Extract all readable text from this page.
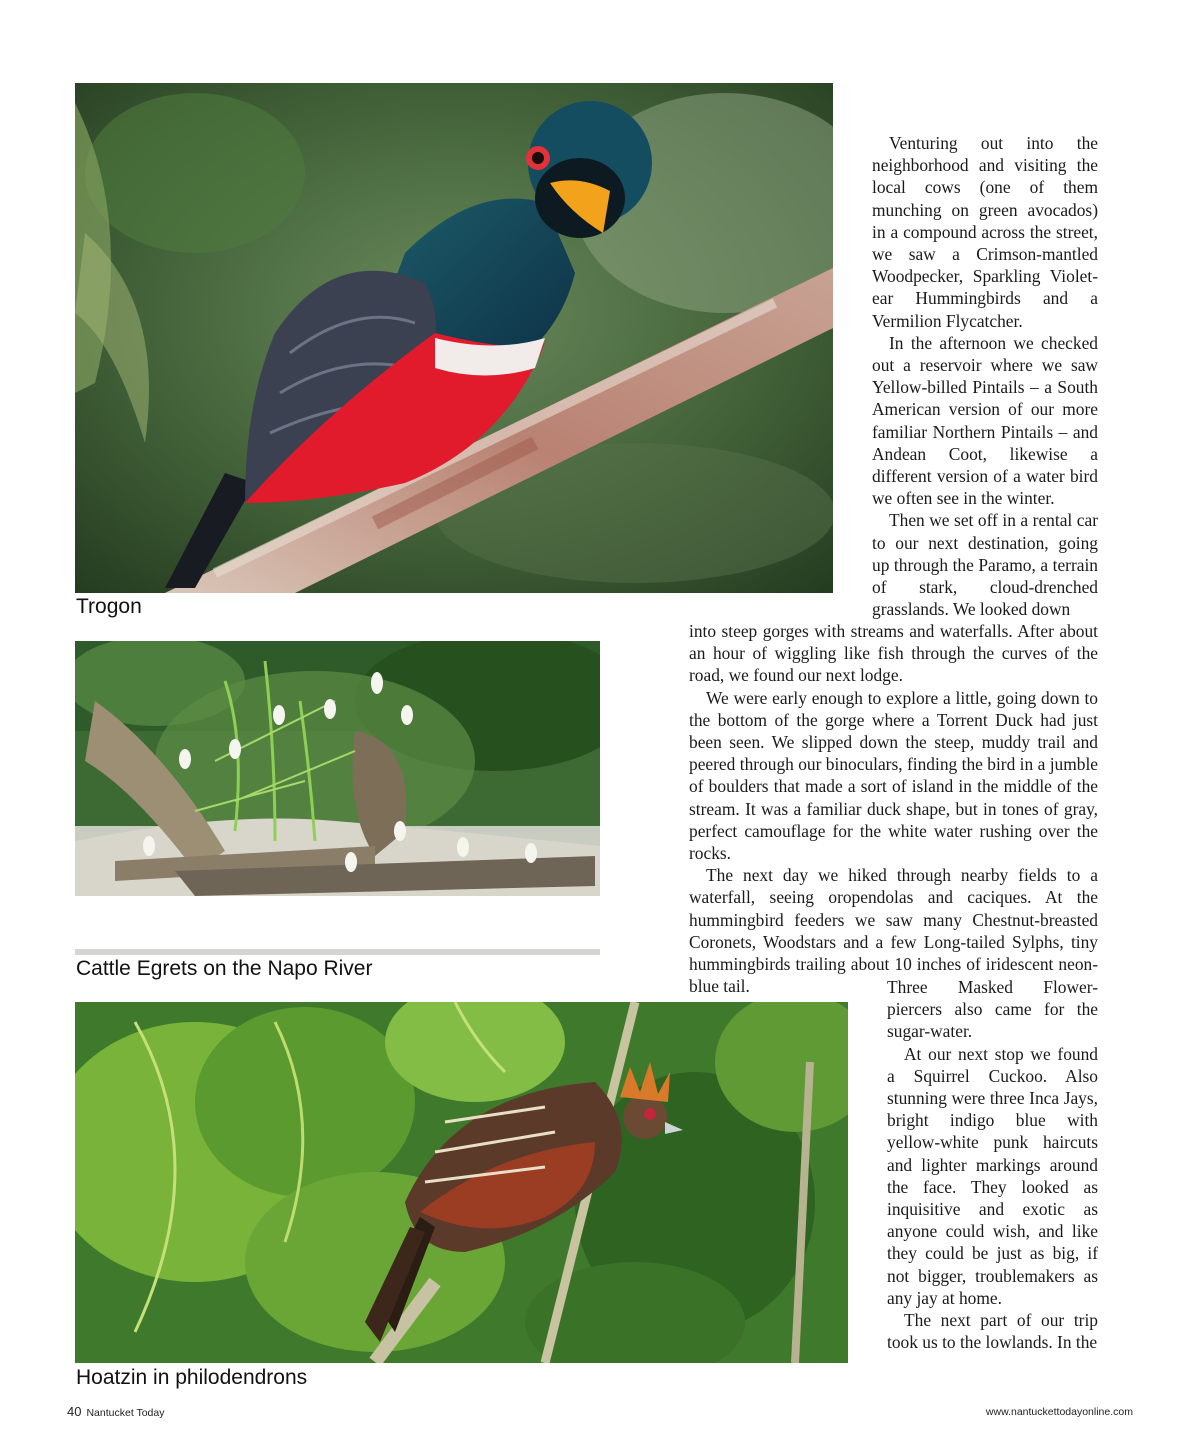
Trogon
Cattle Egrets on the Napo River
Hoatzin in philodendrons

Venturing out into the neighborhood and visiting the local cows (one of them munching on green avocados) in a compound across the street, we saw a Crimson-mantled Woodpecker, Sparkling Violet-ear Hummingbirds and a Vermilion Flycatcher.

In the afternoon we checked out a reservoir where we saw Yellow-billed Pintails – a South American version of our more familiar Northern Pintails – and Andean Coot, likewise a different version of a water bird we often see in the winter.

Then we set off in a rental car to our next destination, going up through the Paramo, a terrain of stark, cloud-drenched grasslands. We looked down

into steep gorges with streams and waterfalls. After about an hour of wiggling like fish through the curves of the road, we found our next lodge.

We were early enough to explore a little, going down to the bottom of the gorge where a Torrent Duck had just been seen. We slipped down the steep, muddy trail and peered through our binoculars, finding the bird in a jumble of boulders that made a sort of island in the middle of the stream. It was a familiar duck shape, but in tones of gray, perfect camouflage for the white water rushing over the rocks.

The next day we hiked through nearby fields to a waterfall, seeing oropendolas and caciques. At the hummingbird feeders we saw many Chestnut-breasted Coronets, Woodstars and a few Long-tailed Sylphs, tiny hummingbirds trailing about 10 inches of iridescent neon-blue tail.	Three Masked Flower-piercers also came for the sugar-water.

At our next stop we found a Squirrel Cuckoo. Also stunning were three Inca Jays, bright indigo blue with yellow-white punk haircuts and lighter markings around the face. They looked as inquisitive and exotic as anyone could wish, and like they could be just as big, if not bigger, troublemakers as any jay at home.

The next part of our trip took us to the lowlands. In the

40 Nantucket Today	www.nantuckettodayonline.com
